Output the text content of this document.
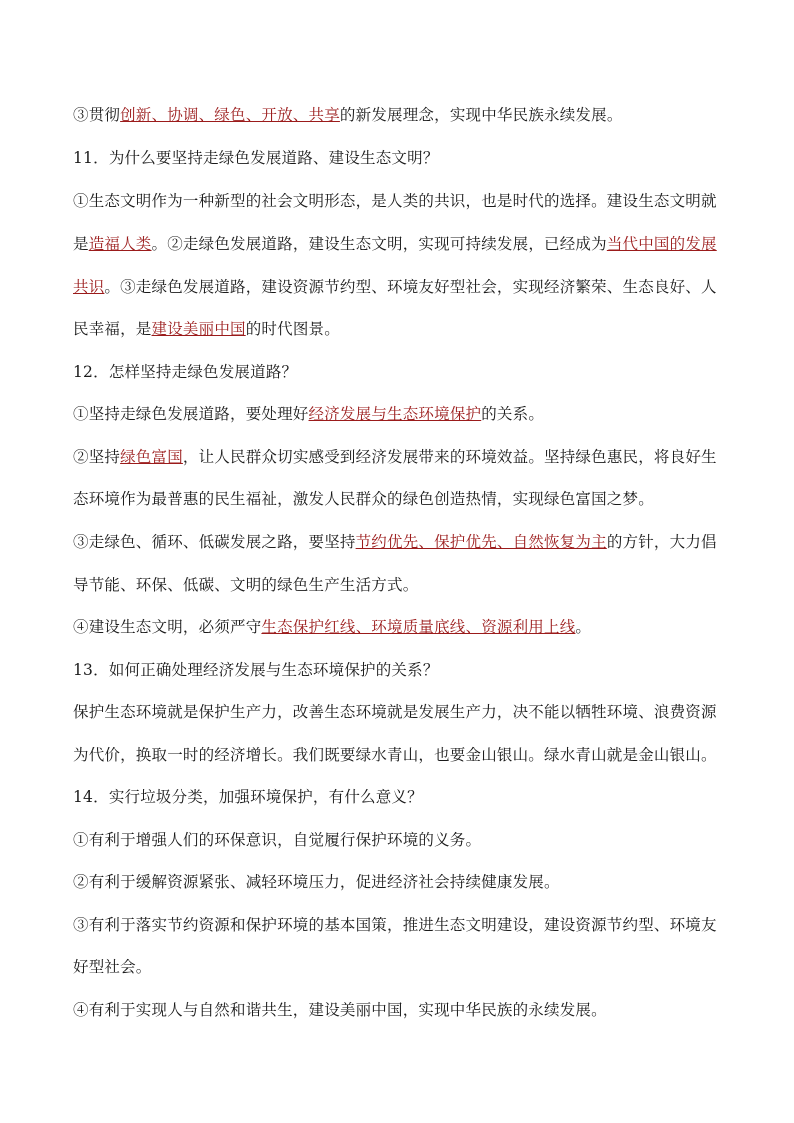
③贯彻创新、协调、绿色、开放、共享的新发展理念，实现中华民族永续发展。
11．为什么要坚持走绿色发展道路、建设生态文明？
①生态文明作为一种新型的社会文明形态，是人类的共识，也是时代的选择。建设生态文明就
是造福人类。②走绿色发展道路，建设生态文明，实现可持续发展，已经成为当代中国的发展
共识。③走绿色发展道路，建设资源节约型、环境友好型社会，实现经济繁荣、生态良好、人
民幸福，是建设美丽中国的时代图景。
12．怎样坚持走绿色发展道路？
①坚持走绿色发展道路，要处理好经济发展与生态环境保护的关系。
②坚持绿色富国，让人民群众切实感受到经济发展带来的环境效益。坚持绿色惠民，将良好生
态环境作为最普惠的民生福祉，激发人民群众的绿色创造热情，实现绿色富国之梦。
③走绿色、循环、低碳发展之路，要坚持节约优先、保护优先、自然恢复为主的方针，大力倡
导节能、环保、低碳、文明的绿色生产生活方式。
④建设生态文明，必须严守生态保护红线、环境质量底线、资源利用上线。
13．如何正确处理经济发展与生态环境保护的关系？
保护生态环境就是保护生产力，改善生态环境就是发展生产力，决不能以牺牲环境、浪费资源
为代价，换取一时的经济增长。我们既要绿水青山，也要金山银山。绿水青山就是金山银山。
14．实行垃圾分类，加强环境保护，有什么意义？
①有利于增强人们的环保意识，自觉履行保护环境的义务。
②有利于缓解资源紧张、减轻环境压力，促进经济社会持续健康发展。
③有利于落实节约资源和保护环境的基本国策，推进生态文明建设，建设资源节约型、环境友
好型社会。
④有利于实现人与自然和谐共生，建设美丽中国，实现中华民族的永续发展。
